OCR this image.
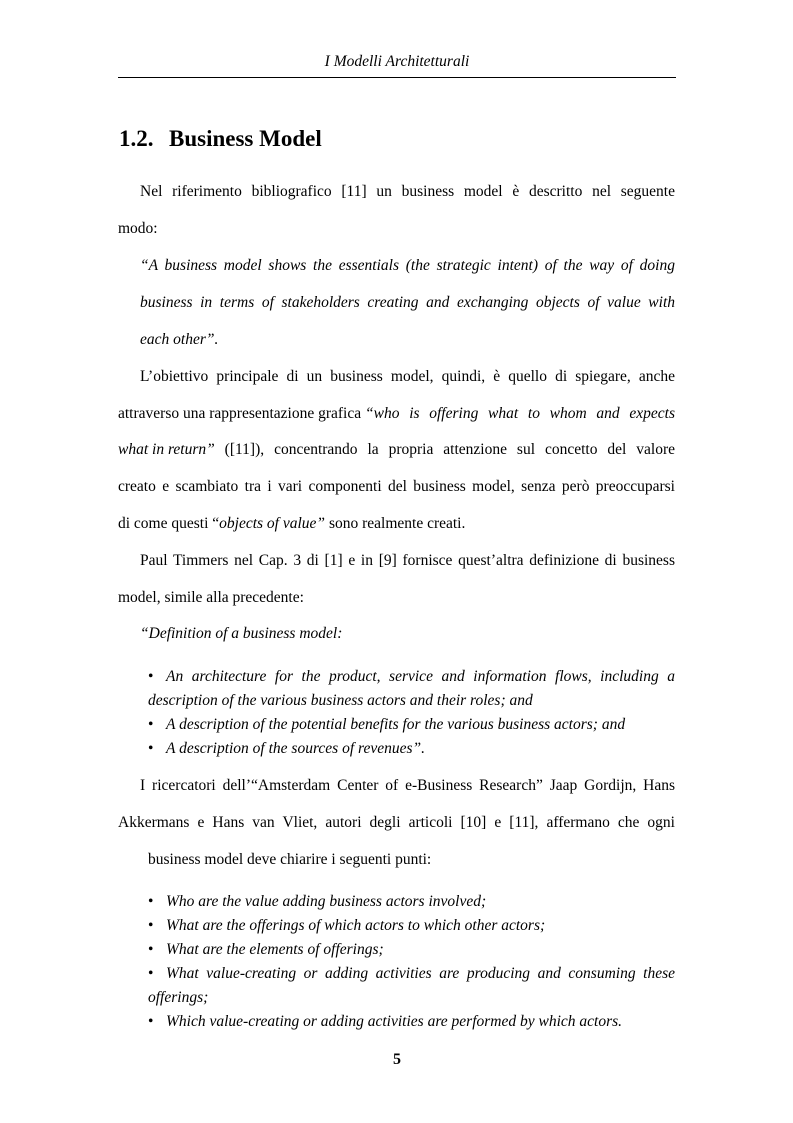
I Modelli Architetturali
1.2. Business Model
Nel riferimento bibliografico [11] un business model è descritto nel seguente
modo:
“A business model shows the essentials (the strategic intent) of the way of doing
business in terms of stakeholders creating and exchanging objects of value with
each other”.
L’obiettivo principale di un business model, quindi, è quello di spiegare, anche
attraverso una rappresentazione grafica “who is offering what to whom and expects
what in return” ([11]), concentrando la propria attenzione sul concetto del valore
creato e scambiato tra i vari componenti del business model, senza però preoccuparsi
di come questi “objects of value” sono realmente creati.
Paul Timmers nel Cap. 3 di [1] e in [9] fornisce quest’altra definizione di business
model, simile alla precedente:
“Definition of a business model:
• An architecture for the product, service and information flows, including a
description of the various business actors and their roles; and
• A description of the potential benefits for the various business actors; and
• A description of the sources of revenues”.
I ricercatori dell’“Amsterdam Center of e-Business Research” Jaap Gordijn, Hans
Akkermans e Hans van Vliet, autori degli articoli [10] e [11], affermano che ogni
business model deve chiarire i seguenti punti:
• Who are the value adding business actors involved;
• What are the offerings of which actors to which other actors;
• What are the elements of offerings;
• What value-creating or adding activities are producing and consuming these
offerings;
• Which value-creating or adding activities are performed by which actors.
5
